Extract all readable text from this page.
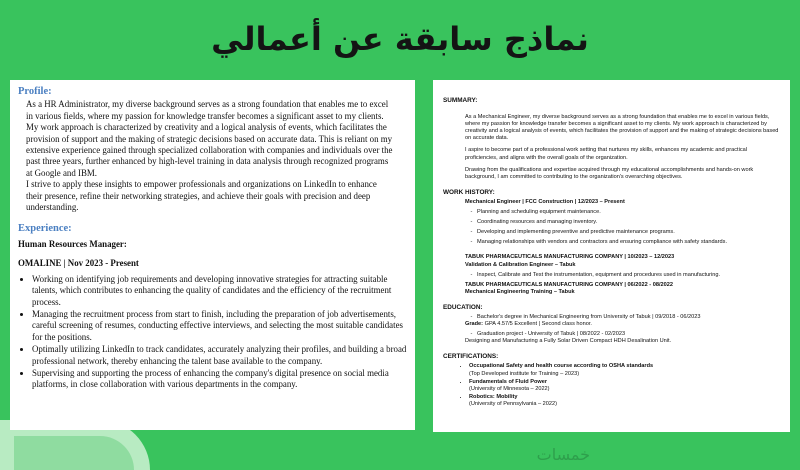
نماذج سابقة عن أعمالي
Profile:
As a HR Administrator, my diverse background serves as a strong foundation that enables me to excel
in various fields, where my passion for knowledge transfer becomes a significant asset to my clients.
My work approach is characterized by creativity and a logical analysis of events, which facilitates the
provision of support and the making of strategic decisions based on accurate data. This is reliant on my
extensive experience gained through specialized collaboration with companies and individuals over the
past three years, further enhanced by high-level training in data analysis through recognized programs
at Google and IBM.
I strive to apply these insights to empower professionals and organizations on LinkedIn to enhance
their presence, refine their networking strategies, and achieve their goals with precision and deep
understanding.
Experience:
Human Resources Manager:
OMALINE | Nov 2023 - Present
• Working on identifying job requirements and developing innovative strategies for attracting suitable talents, which contributes to enhancing the quality of candidates and the efficiency of the recruitment process.
• Managing the recruitment process from start to finish, including the preparation of job advertisements, careful screening of resumes, conducting effective interviews, and selecting the most suitable candidates for the positions.
• Optimally utilizing LinkedIn to track candidates, accurately analyzing their profiles, and building a broad professional network, thereby enhancing the talent base available to the company.
• Supervising and supporting the process of enhancing the company's digital presence on social media platforms, in close collaboration with various departments in the company.
SUMMARY:
As a Mechanical Engineer, my diverse background serves as a strong foundation that enables me to excel in various fields, where my passion for knowledge transfer becomes a significant asset to my clients. My work approach is characterized by creativity and a logical analysis of events, which facilitates the provision of support and the making of strategic decisions based on accurate data.
I aspire to become part of a professional work setting that nurtures my skills, enhances my academic and practical proficiencies, and aligns with the overall goals of the organization.
Drawing from the qualifications and expertise acquired through my educational accomplishments and hands-on work background, I am committed to contributing to the organization's overarching objectives.
WORK HISTORY:
Mechanical Engineer | FCC Construction | 12/2023 – Present
- Planning and scheduling equipment maintenance.
- Coordinating resources and managing inventory.
- Developing and implementing preventive and predictive maintenance programs.
- Managing relationships with vendors and contractors and ensuring compliance with safety standards.
TABUK PHARMACEUTICALS MANUFACTURING COMPANY | 10/2023 – 12/2023
Validation & Calibration Engineer – Tabuk
- Inspect, Calibrate and Test the instrumentation, equipment and procedures used in manufacturing.
TABUK PHARMACEUTICALS MANUFACTURING COMPANY | 06/2022 - 08/2022
Mechanical Engineering Training – Tabuk
EDUCATION:
- Bachelor's degree in Mechanical Engineering from University of Tabuk | 09/2018 - 06/2023
Grade: GPA 4.57/5 Excellent | Second class honor.
- Graduation project - University of Tabuk | 08/2022 - 02/2023
Designing and Manufacturing a Fully Solar Driven Compact HDH Desalination Unit.
CERTIFICATIONS:
• Occupational Safety and health course according to OSHA standards
(Top Developed institute for Training – 2023)
• Fundamentals of Fluid Power
(University of Minnesota – 2022)
• Robotics: Mobility
(University of Pennsylvania – 2022)
خمسات
